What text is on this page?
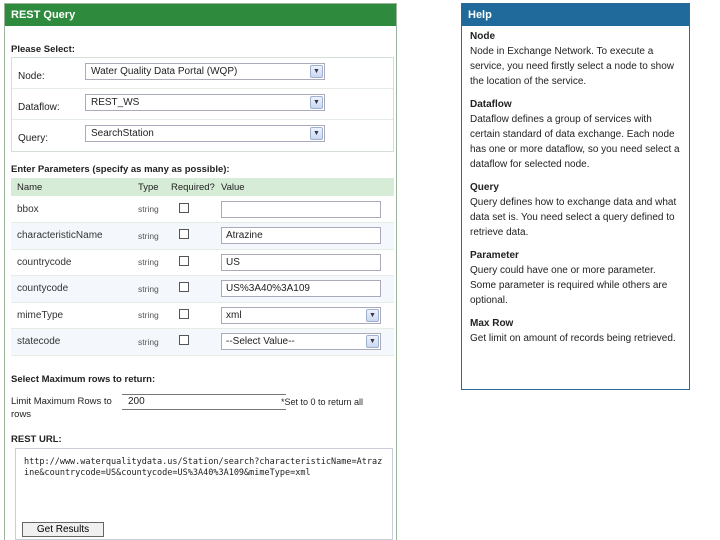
REST Query
Please Select:
Node:	Water Quality Data Portal (WQP)	▼
Dataflow:	REST_WS	▼
Query:	SearchStation	▼
Enter Parameters (specify as many as possible):
Name	Type	Required?	Value
bbox	string		

characteristicName	string		Atrazine

countrycode	string		US

countycode	string		US%3A40%3A109

mimeType	string		xml ▼

statecode	string		--Select Value-- ▼
Select Maximum rows to return:
Limit Maximum Rows to
rows
200	*Set to 0 to return all
REST URL:
http://www.waterqualitydata.us/Station/search?characteristicName=Atrazine&countrycode=US&countycode=US%3A40%3A109&mimeType=xml
Get Results
Help
Node
Node in Exchange Network. To execute a service, you need firstly select a node to show the location of the service.
Dataflow
Dataflow defines a group of services with certain standard of data exchange. Each node has one or more dataflow, so you need select a dataflow for selected node.
Query
Query defines how to exchange data and what data set is. You need select a query defined to retrieve data.
Parameter
Query could have one or more parameter. Some parameter is required while others are optional.
Max Row
Get limit on amount of records being retrieved.
